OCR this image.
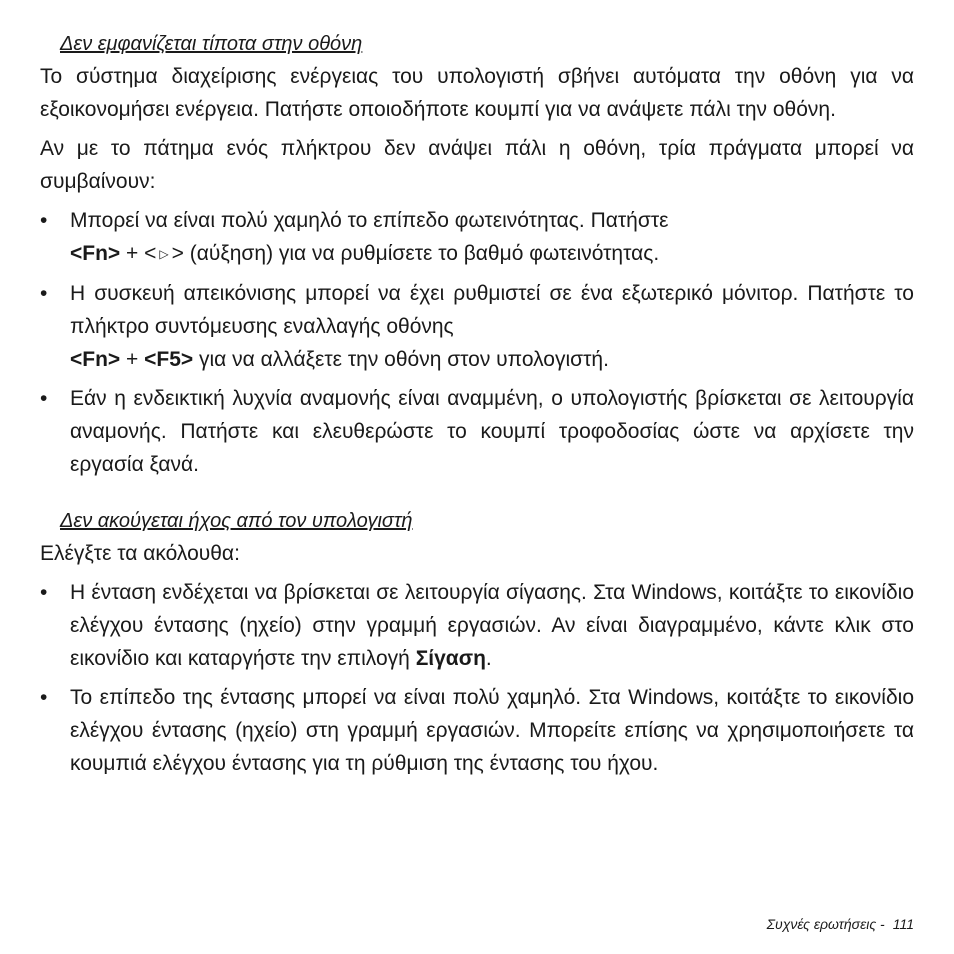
Δεν εμφανίζεται τίποτα στην οθόνη

Το σύστημα διαχείρισης ενέργειας του υπολογιστή σβήνει αυτόματα την οθόνη για να εξοικονομήσει ενέργεια. Πατήστε οποιοδήποτε κουμπί για να ανάψετε πάλι την οθόνη.

Αν με το πάτημα ενός πλήκτρου δεν ανάψει πάλι η οθόνη, τρία πράγματα μπορεί να συμβαίνουν:

• Μπορεί να είναι πολύ χαμηλό το επίπεδο φωτεινότητας. Πατήστε
<Fn> + < ▷ > (αύξηση) για να ρυθμίσετε το βαθμό φωτεινότητας.
• Η συσκευή απεικόνισης μπορεί να έχει ρυθμιστεί σε ένα εξωτερικό μόνιτορ. Πατήστε το πλήκτρο συντόμευσης εναλλαγής οθόνης
<Fn> + <F5> για να αλλάξετε την οθόνη στον υπολογιστή.
• Εάν η ενδεικτική λυχνία αναμονής είναι αναμμένη, ο υπολογιστής βρίσκεται σε λειτουργία αναμονής. Πατήστε και ελευθερώστε το κουμπί τροφοδοσίας ώστε να αρχίσετε την εργασία ξανά.
Δεν ακούγεται ήχος από τον υπολογιστή

Ελέγξτε τα ακόλουθα:

• Η ένταση ενδέχεται να βρίσκεται σε λειτουργία σίγασης. Στα Windows, κοιτάξτε το εικονίδιο ελέγχου έντασης (ηχείο) στην γραμμή εργασιών. Αν είναι διαγραμμένο, κάντε κλικ στο εικονίδιο και καταργήστε την επιλογή Σίγαση.
• Το επίπεδο της έντασης μπορεί να είναι πολύ χαμηλό. Στα Windows, κοιτάξτε το εικονίδιο ελέγχου έντασης (ηχείο) στη γραμμή εργασιών. Μπορείτε επίσης να χρησιμοποιήσετε τα κουμπιά ελέγχου έντασης για τη ρύθμιση της έντασης του ήχου.
Συχνές ερωτήσεις - 111
